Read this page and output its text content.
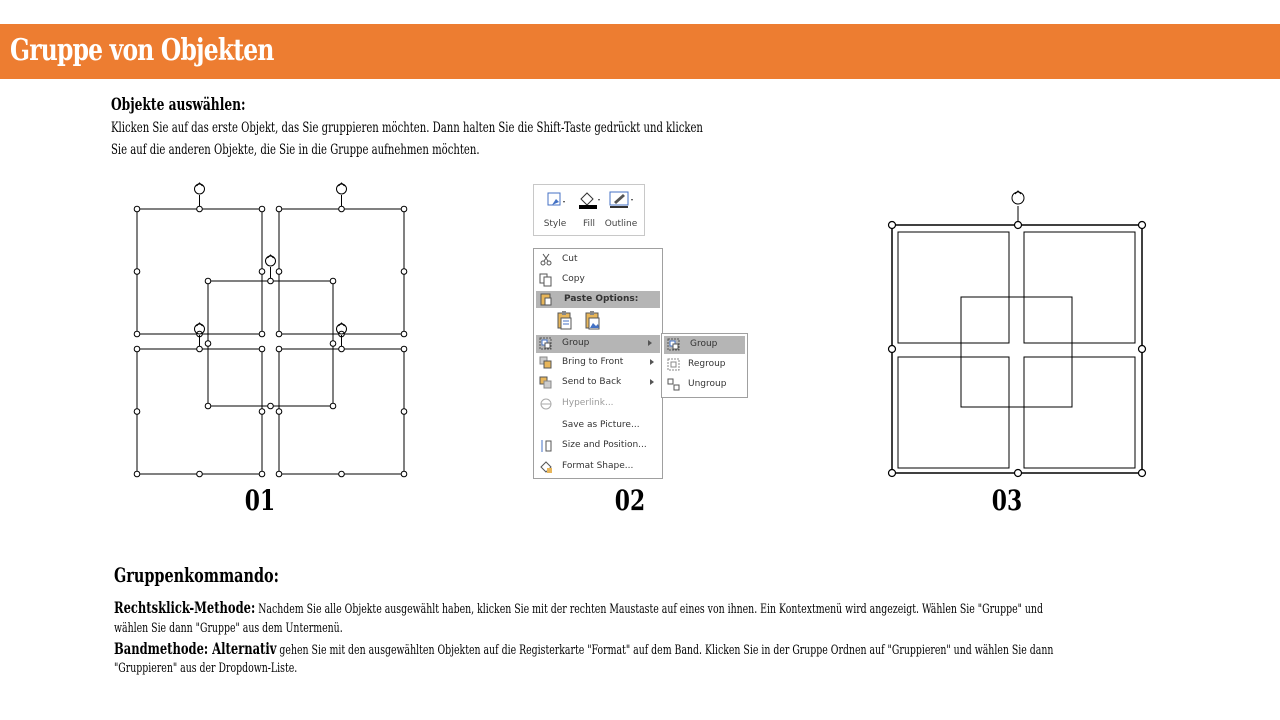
Gruppe von Objekten
Objekte auswählen:
Klicken Sie auf das erste Objekt, das Sie gruppieren möchten. Dann halten Sie die Shift-Taste gedrückt und klicken
Sie auf die anderen Objekte, die Sie in die Gruppe aufnehmen möchten.
01	02	03
Style	Fill	Outline
Cut
Copy
Paste Options:
Group
Bring to Front
Send to Back
Hyperlink...
Save as Picture...
Size and Position...
Format Shape...
Group
Regroup
Ungroup
Gruppenkommando:
Rechtsklick-Methode: Nachdem Sie alle Objekte ausgewählt haben, klicken Sie mit der rechten Maustaste auf eines von ihnen. Ein Kontextmenü wird angezeigt. Wählen Sie "Gruppe" und
wählen Sie dann "Gruppe" aus dem Untermenü.
Bandmethode: Alternativ gehen Sie mit den ausgewählten Objekten auf die Registerkarte "Format" auf dem Band. Klicken Sie in der Gruppe Ordnen auf "Gruppieren" und wählen Sie dann
"Gruppieren" aus der Dropdown-Liste.
